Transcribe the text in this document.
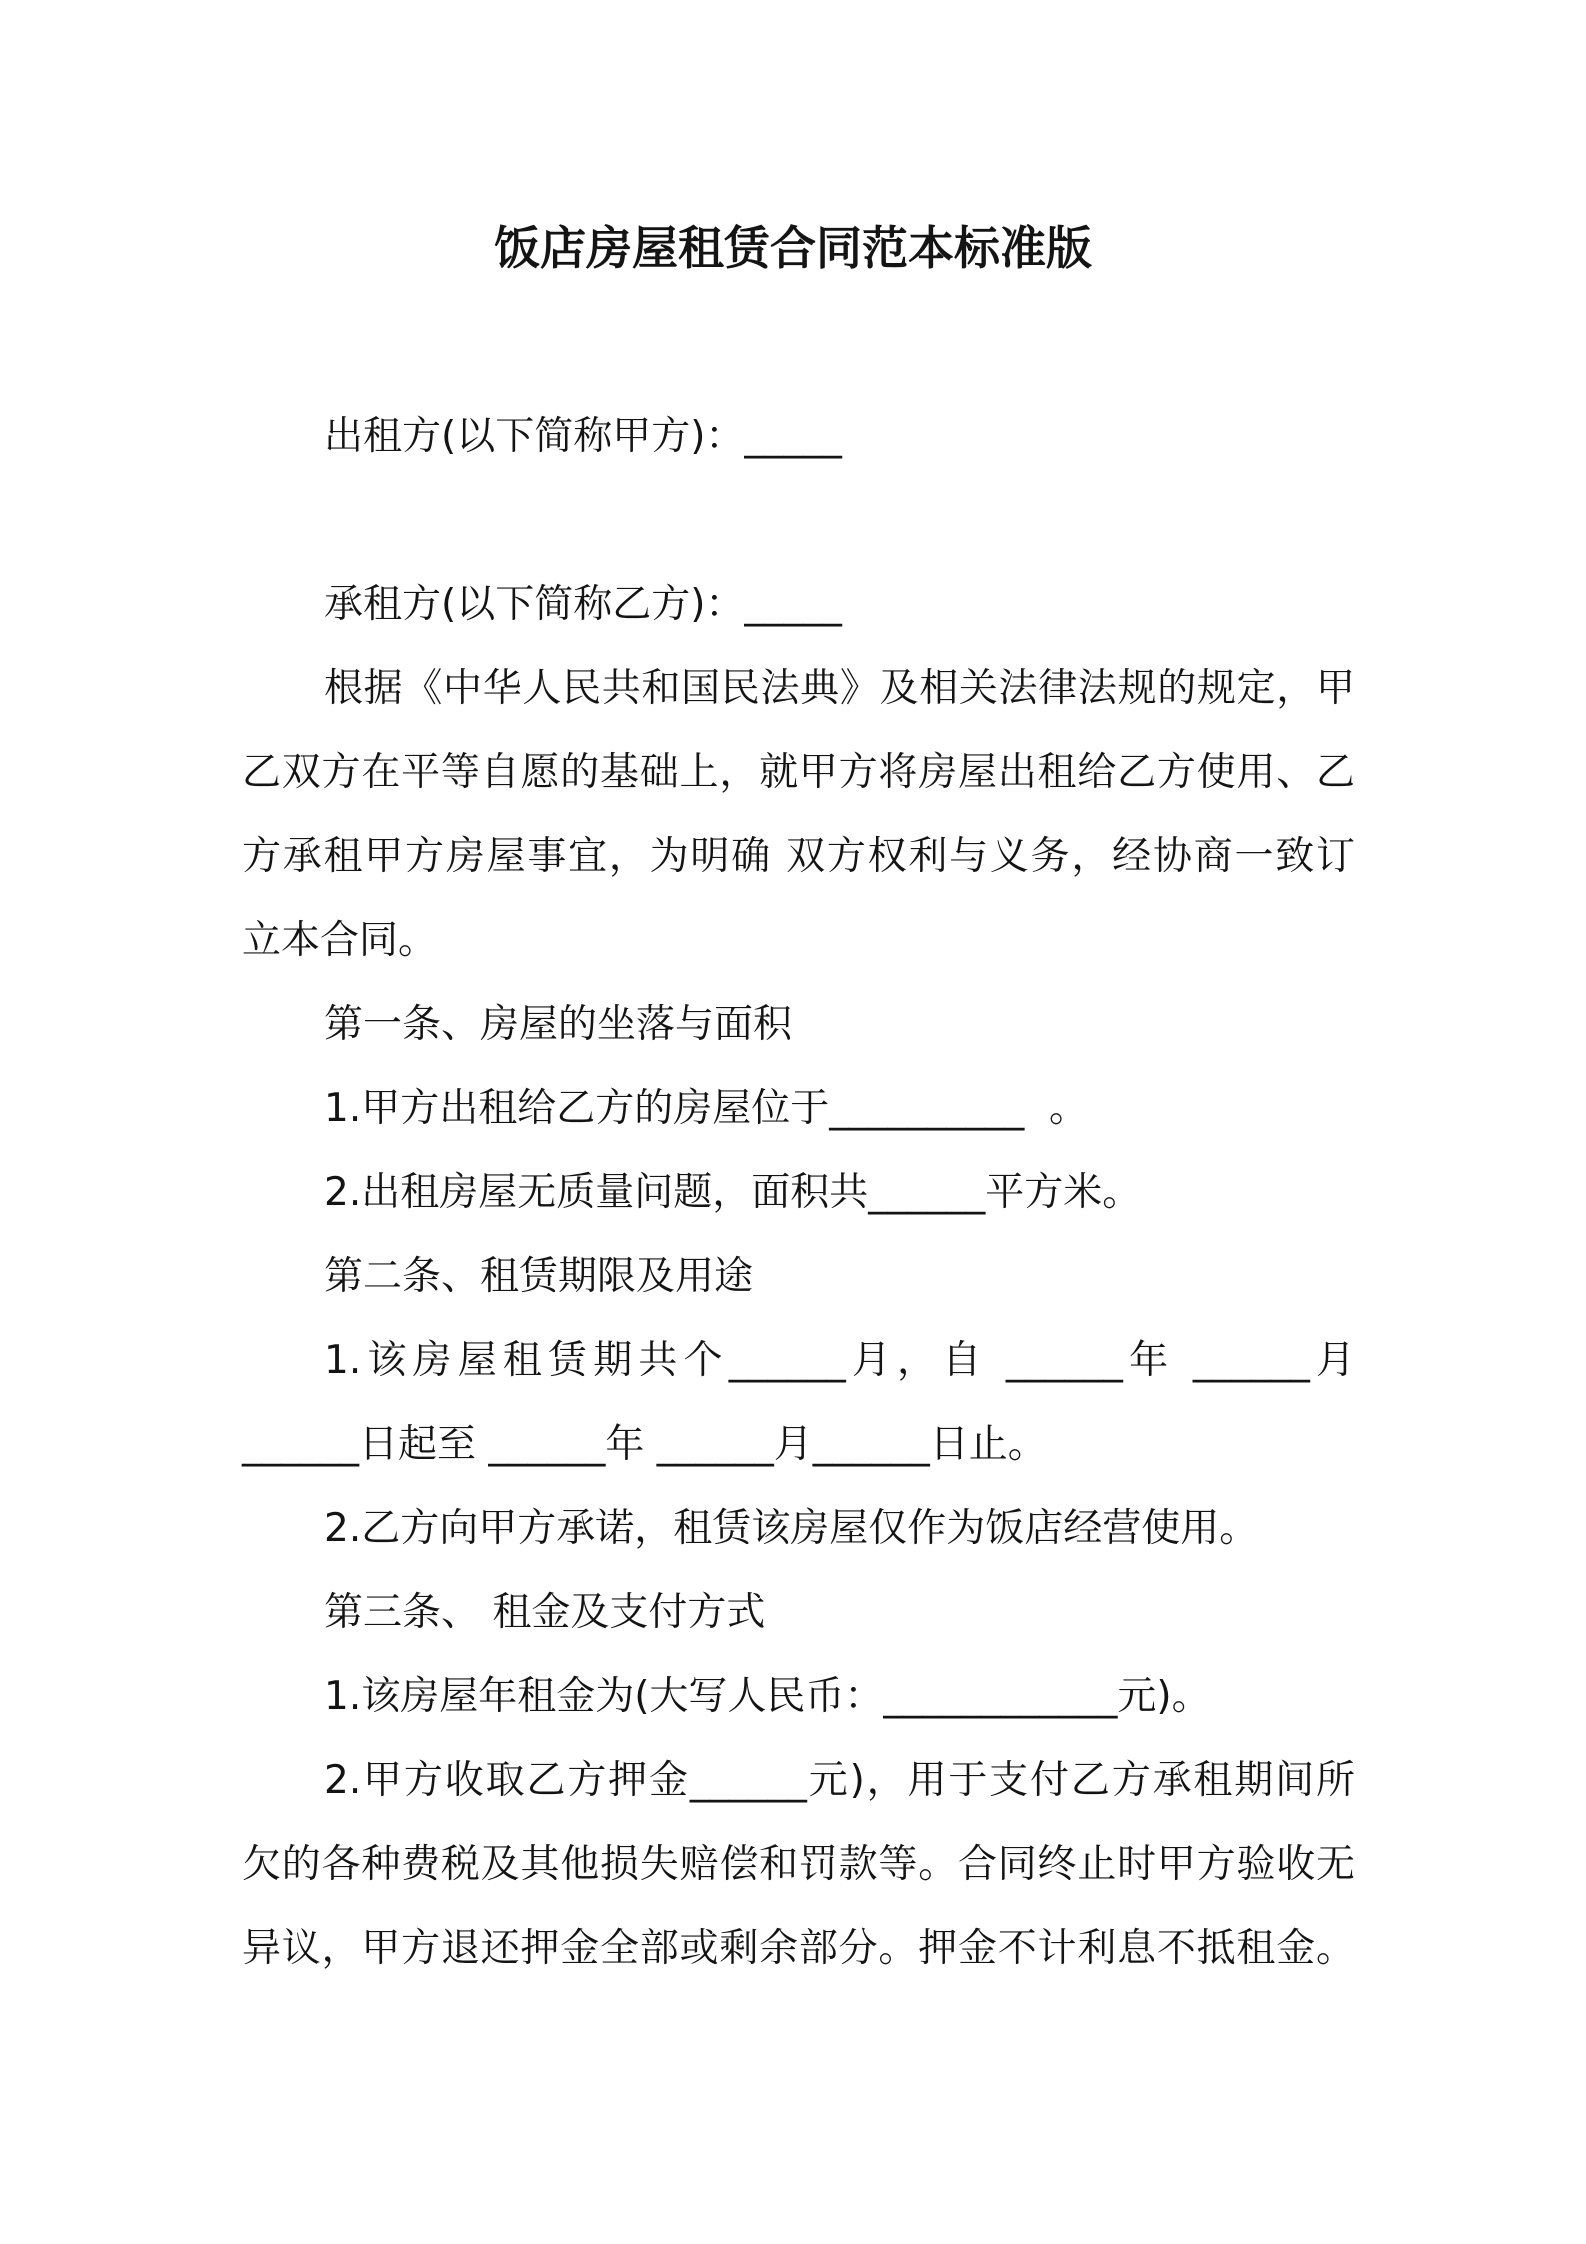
饭店房屋租赁合同范本标准版
出租方(以下简称甲方)：_____
承租方(以下简称乙方)：_____
根据《中华人民共和国民法典》及相关法律法规的规定，甲
乙双方在平等自愿的基础上，就甲方将房屋出租给乙方使用、乙
方承租甲方房屋事宜，为明确 双方权利与义务，经协商一致订
立本合同。
第一条、房屋的坐落与面积
1.甲方出租给乙方的房屋位于__________  。
2.出租房屋无质量问题，面积共______平方米。
第二条、租赁期限及用途
1.该房屋租赁期共个______月，自 ______年 ______月
______日起至 ______年 ______月______日止。
2.乙方向甲方承诺，租赁该房屋仅作为饭店经营使用。
第三条、 租金及支付方式
1.该房屋年租金为(大写人民币：____________元)。
2.甲方收取乙方押金______元)，用于支付乙方承租期间所
欠的各种费税及其他损失赔偿和罚款等。合同终止时甲方验收无
异议，甲方退还押金全部或剩余部分。押金不计利息不抵租金。
